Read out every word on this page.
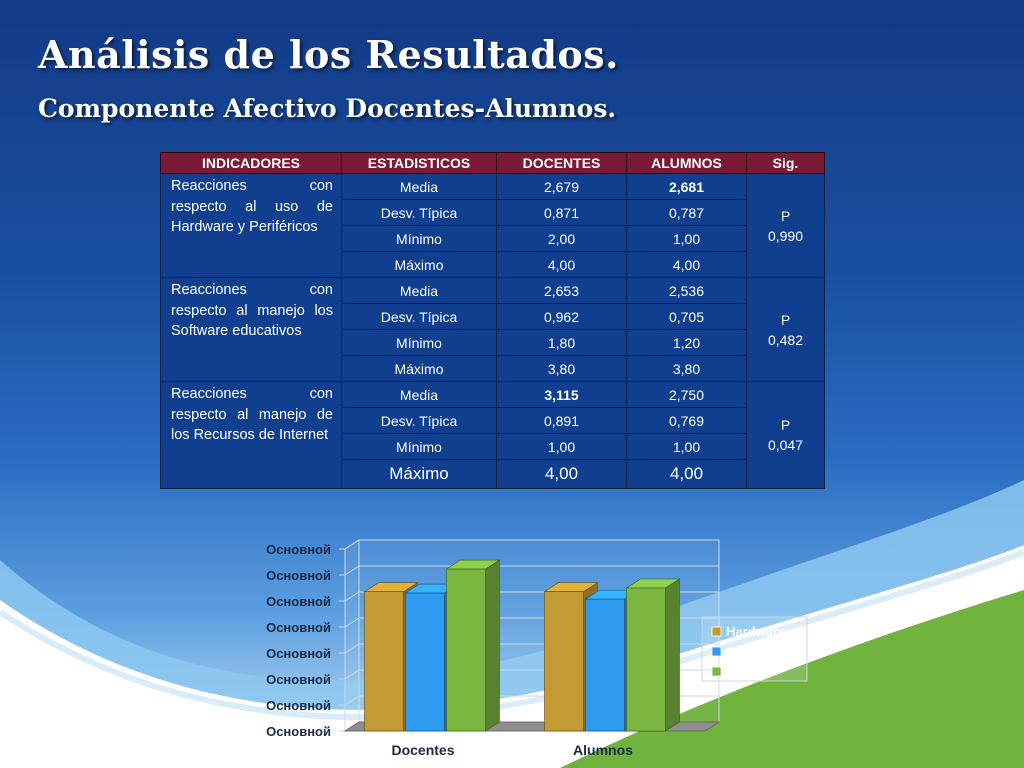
Análisis de los Resultados.
Componente Afectivo Docentes-Alumnos.
INDICADORES	ESTADISTICOS	DOCENTES	ALUMNOS	Sig.
Reacciones con respecto al uso de Hardware y Periféricos	Media	2,679	2,681	P
0,990
	Desv. Típica	0,871	0,787	
	Mínimo	2,00	1,00	
	Máximo	4,00	4,00	
Reacciones con respecto al manejo los Software educativos	Media	2,653	2,536	P
0,482
	Desv. Típica	0,962	0,705	
	Mínimo	1,80	1,20	
	Máximo	3,80	3,80	
Reacciones con respecto al manejo de los Recursos de Internet	Media	3,115	2,750	P
0,047
	Desv. Típica	0,891	0,769	
	Mínimo	1,00	1,00	
	Máximo	4,00	4,00	
Основной
Основной
Основной
Основной
Основной
Основной
Основной
Основной
Docentes	Alumnos
Hardware
Software
Internet
